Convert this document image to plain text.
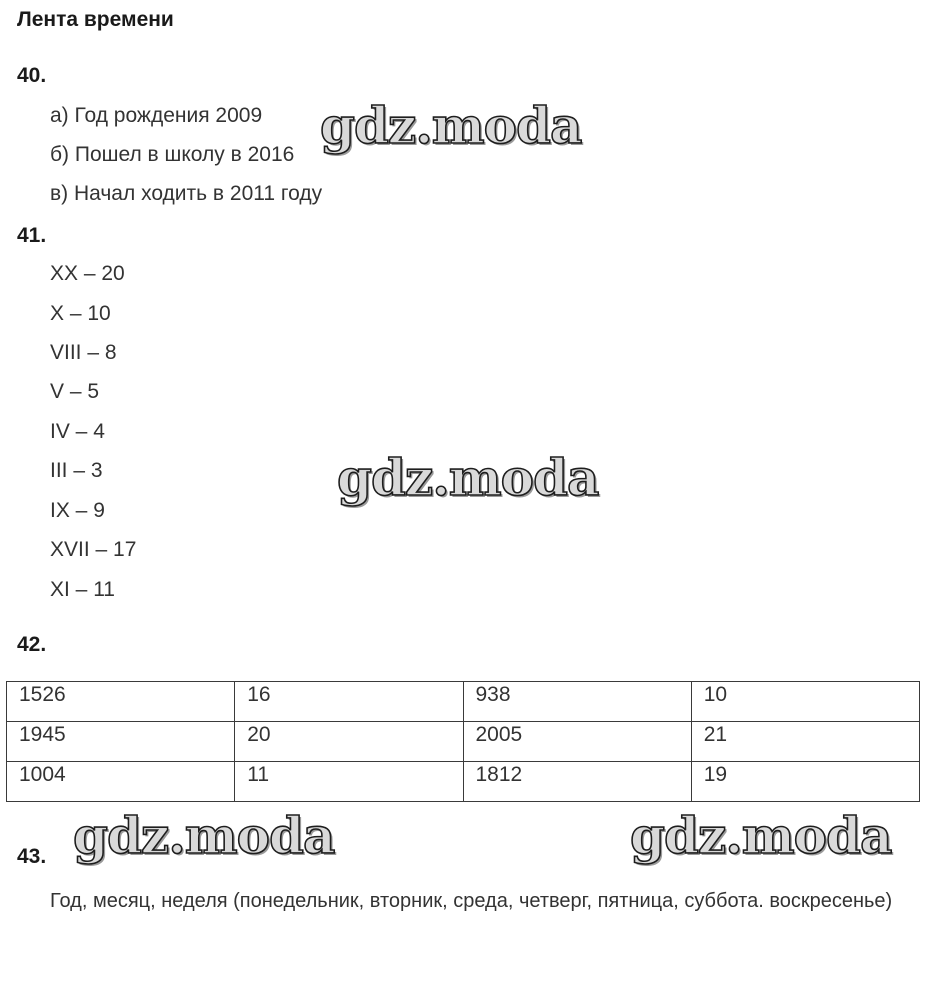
Лента времени
40.
а) Год рождения 2009
б) Пошел в школу в 2016
в) Начал ходить в 2011 году
41.
XX – 20
X – 10
VIII – 8
V – 5
IV – 4
III – 3
IX – 9
XVII – 17
XI – 11
42.
1526	16	938	10
1945	20	2005	21
1004	11	1812	19
43.
Год, месяц, неделя (понедельник, вторник, среда, четверг, пятница, суббота. воскресенье)
gdz.moda
gdz.moda
gdz.moda	gdz.moda
